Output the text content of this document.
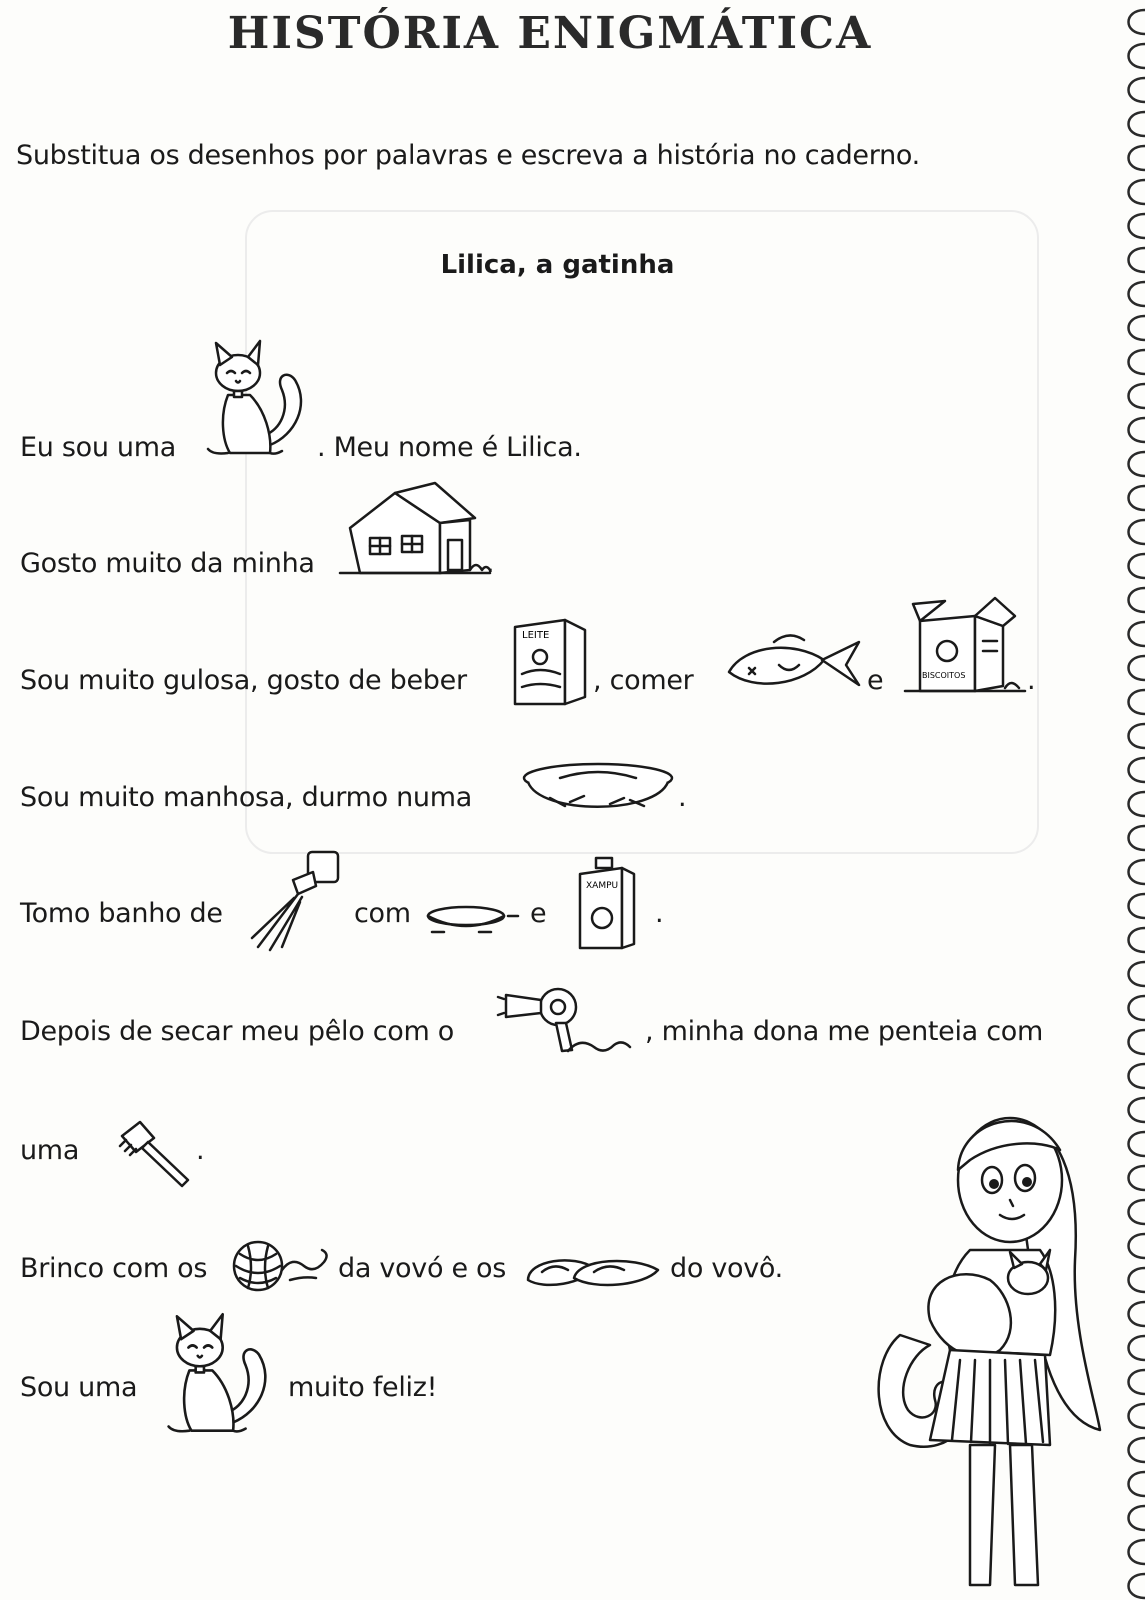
HISTÓRIA ENIGMÁTICA

Substitua os desenhos por palavras e escreva a história no caderno.

Lilica, a gatinha

Eu sou uma	. Meu nome é Lilica.
Gosto muito da minha	.
Sou muito gulosa, gosto de beber
LEITE
, comer	e	BISCOITOS .
Sou muito manhosa, durmo numa	.
Tomo banho de	com	e
XAMPU
.
Depois de secar meu pêlo com o	, minha dona me penteia com
uma	.
Brinco com os	da vovó e os	do vovô.
Sou uma	muito feliz!
